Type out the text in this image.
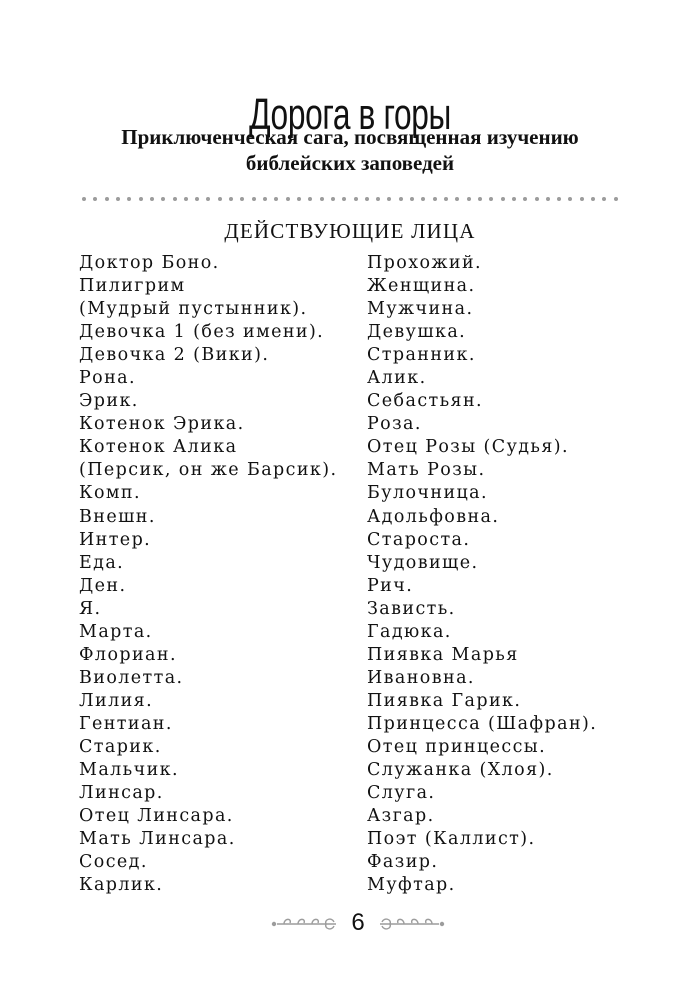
Дорога в горы
Приключенческая сага, посвященная изучению
библейских заповедей
ДЕЙСТВУЮЩИЕ ЛИЦА
Доктор Боно.
Пилигрим
(Мудрый пустынник).
Девочка 1 (без имени).
Девочка 2 (Вики).
Рона.
Эрик.
Котенок Эрика.
Котенок Алика
(Персик, он же Барсик).
Комп.
Внешн.
Интер.
Еда.
Ден.
Я.
Марта.
Флориан.
Виолетта.
Лилия.
Гентиан.
Старик.
Мальчик.
Линсар.
Отец Линсара.
Мать Линсара.
Сосед.
Карлик.
Прохожий.
Женщина.
Мужчина.
Девушка.
Странник.
Алик.
Себастьян.
Роза.
Отец Розы (Судья).
Мать Розы.
Булочница.
Адольфовна.
Староста.
Чудовище.
Рич.
Зависть.
Гадюка.
Пиявка Марья
Ивановна.
Пиявка Гарик.
Принцесса (Шафран).
Отец принцессы.
Служанка (Хлоя).
Слуга.
Азгар.
Поэт (Каллист).
Фазир.
Муфтар.
6
